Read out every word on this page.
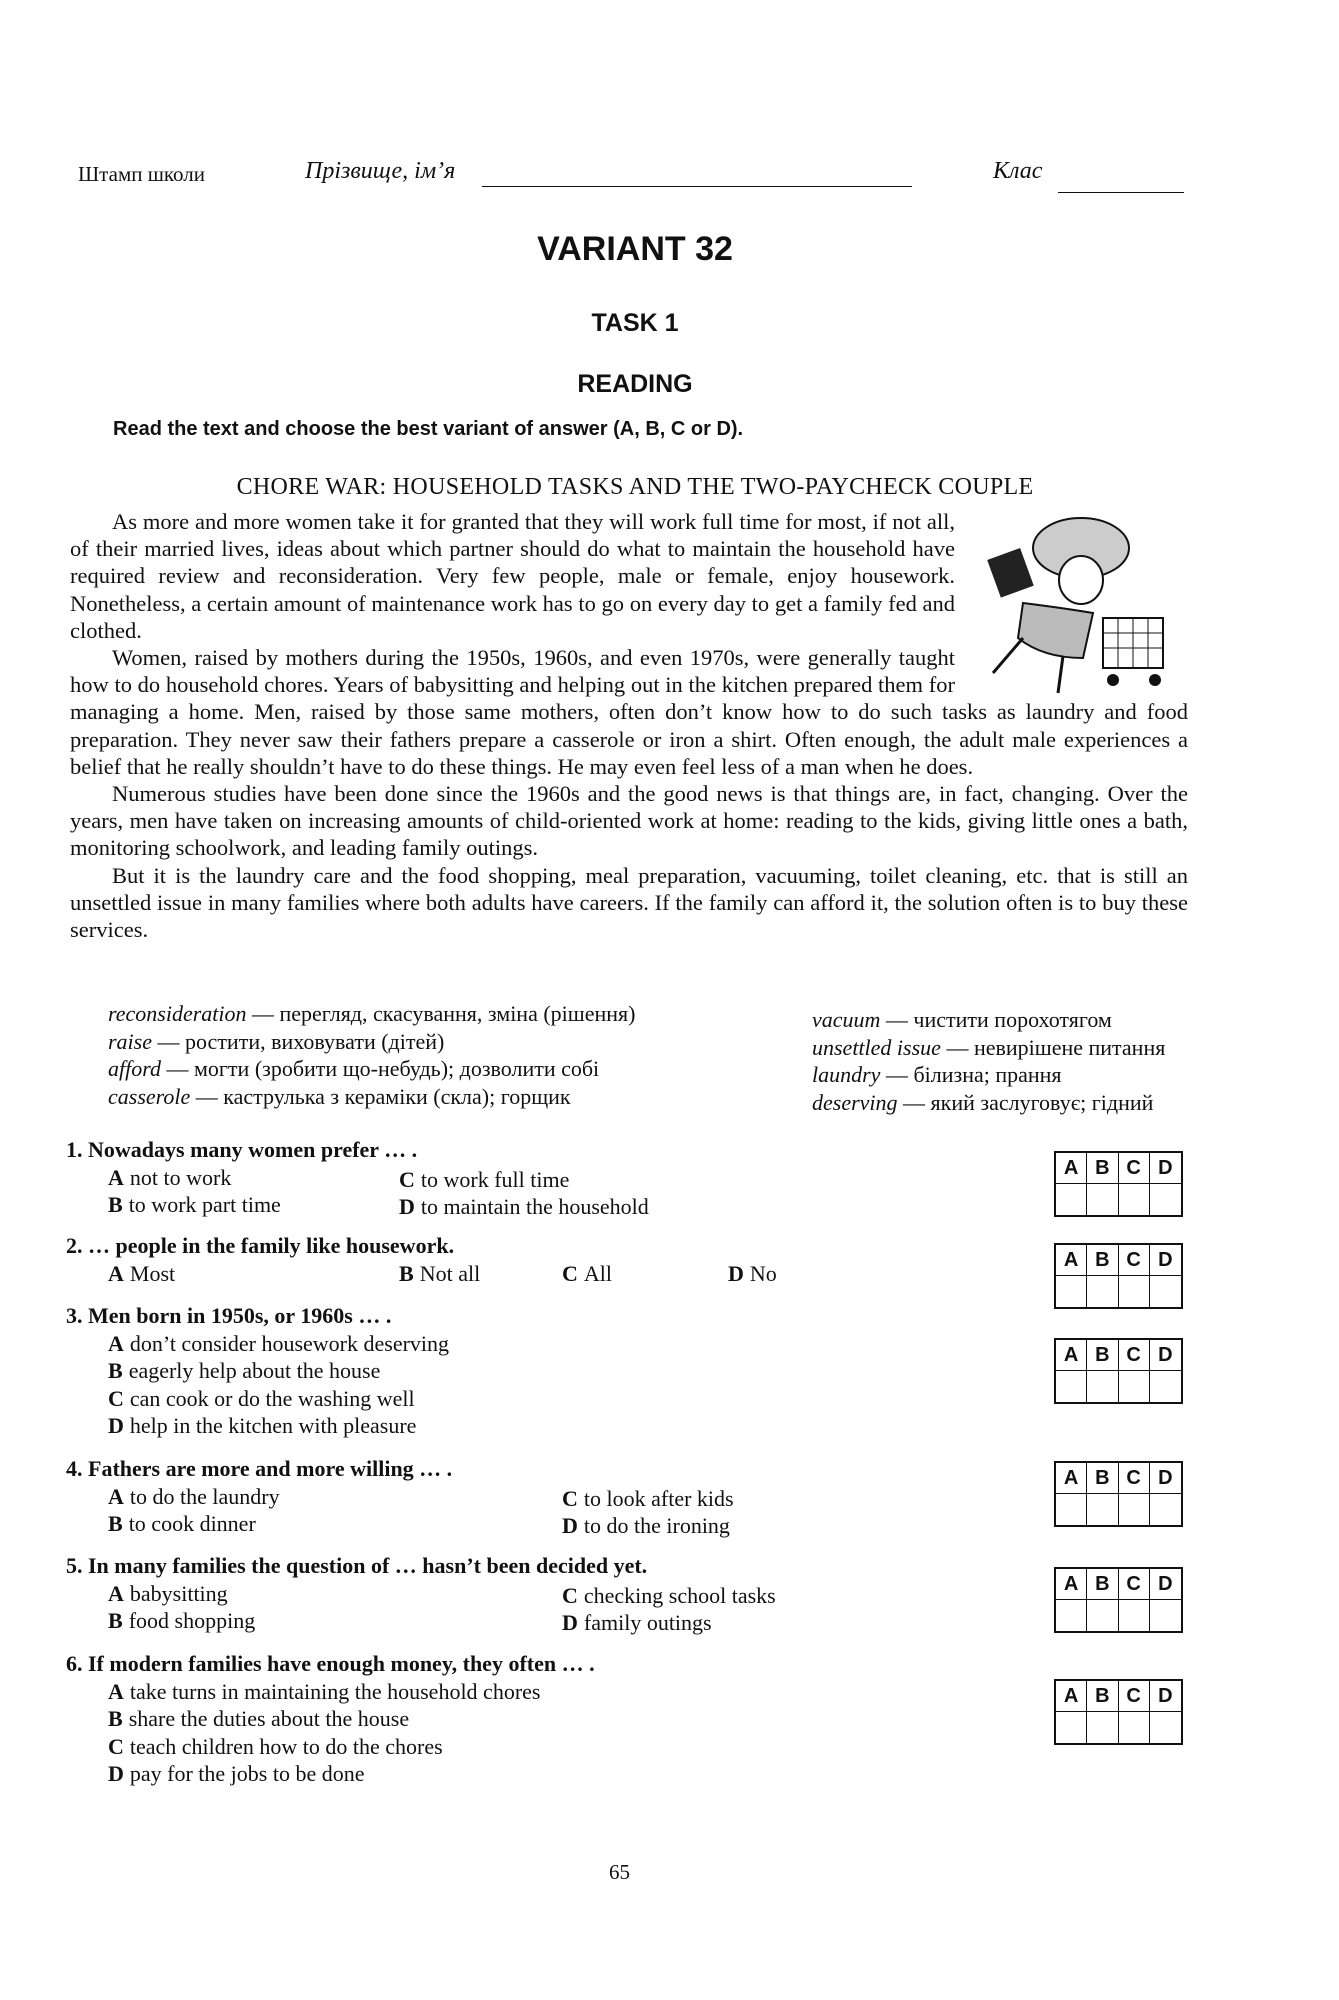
Штамп школи	Прізвище, ім’я	Клас
VARIANT 32
TASK 1
READING
Read the text and choose the best variant of answer (A, B, C or D).
CHORE WAR: HOUSEHOLD TASKS AND THE TWO-PAYCHECK COUPLE

As more and more women take it for granted that they will work full time for most, if not all, of their married lives, ideas about which partner should do what to maintain the household have required review and reconsideration. Very few people, male or female, enjoy housework. Nonetheless, a certain amount of maintenance work has to go on every day to get a family fed and clothed.

Women, raised by mothers during the 1950s, 1960s, and even 1970s, were generally taught how to do household chores. Years of babysitting and helping out in the kitchen prepared them for managing a home. Men, raised by those same mothers, often don’t know how to do such tasks as laundry and food preparation. They never saw their fathers prepare a casserole or iron a shirt. Often enough, the adult male experiences a belief that he really shouldn’t have to do these things. He may even feel less of a man when he does.

Numerous studies have been done since the 1960s and the good news is that things are, in fact, changing. Over the years, men have taken on increasing amounts of child-oriented work at home: reading to the kids, giving little ones a bath, monitoring schoolwork, and leading family outings.

But it is the laundry care and the food shopping, meal preparation, vacuuming, toilet cleaning, etc. that is still an unsettled issue in many families where both adults have careers. If the family can afford it, the solution often is to buy these services.

reconsideration — перегляд, скасування, зміна (рішення)
raise — ростити, виховувати (дітей)
afford — могти (зробити що-небудь); дозволити собі
casserole — каструлька з кераміки (скла); горщик
vacuum — чистити порохотягом
unsettled issue — невирішене питання
laundry — білизна; прання
deserving — який заслуговує; гідний
1. Nowadays many women prefer … .
A not to work
B to work part time
C to work full time
D to maintain the household
A B C D
2. … people in the family like housework.
A Most	B Not all	C All	D No
A B C D
3. Men born in 1950s, or 1960s … .
A don’t consider housework deserving
B eagerly help about the house
C can cook or do the washing well
D help in the kitchen with pleasure
A B C D
4. Fathers are more and more willing … .
A to do the laundry
B to cook dinner
C to look after kids
D to do the ironing
A B C D
5. In many families the question of … hasn’t been decided yet.
A babysitting
B food shopping
C checking school tasks
D family outings
A B C D
6. If modern families have enough money, they often … .
A take turns in maintaining the household chores
B share the duties about the house
C teach children how to do the chores
D pay for the jobs to be done
A B C D
65
